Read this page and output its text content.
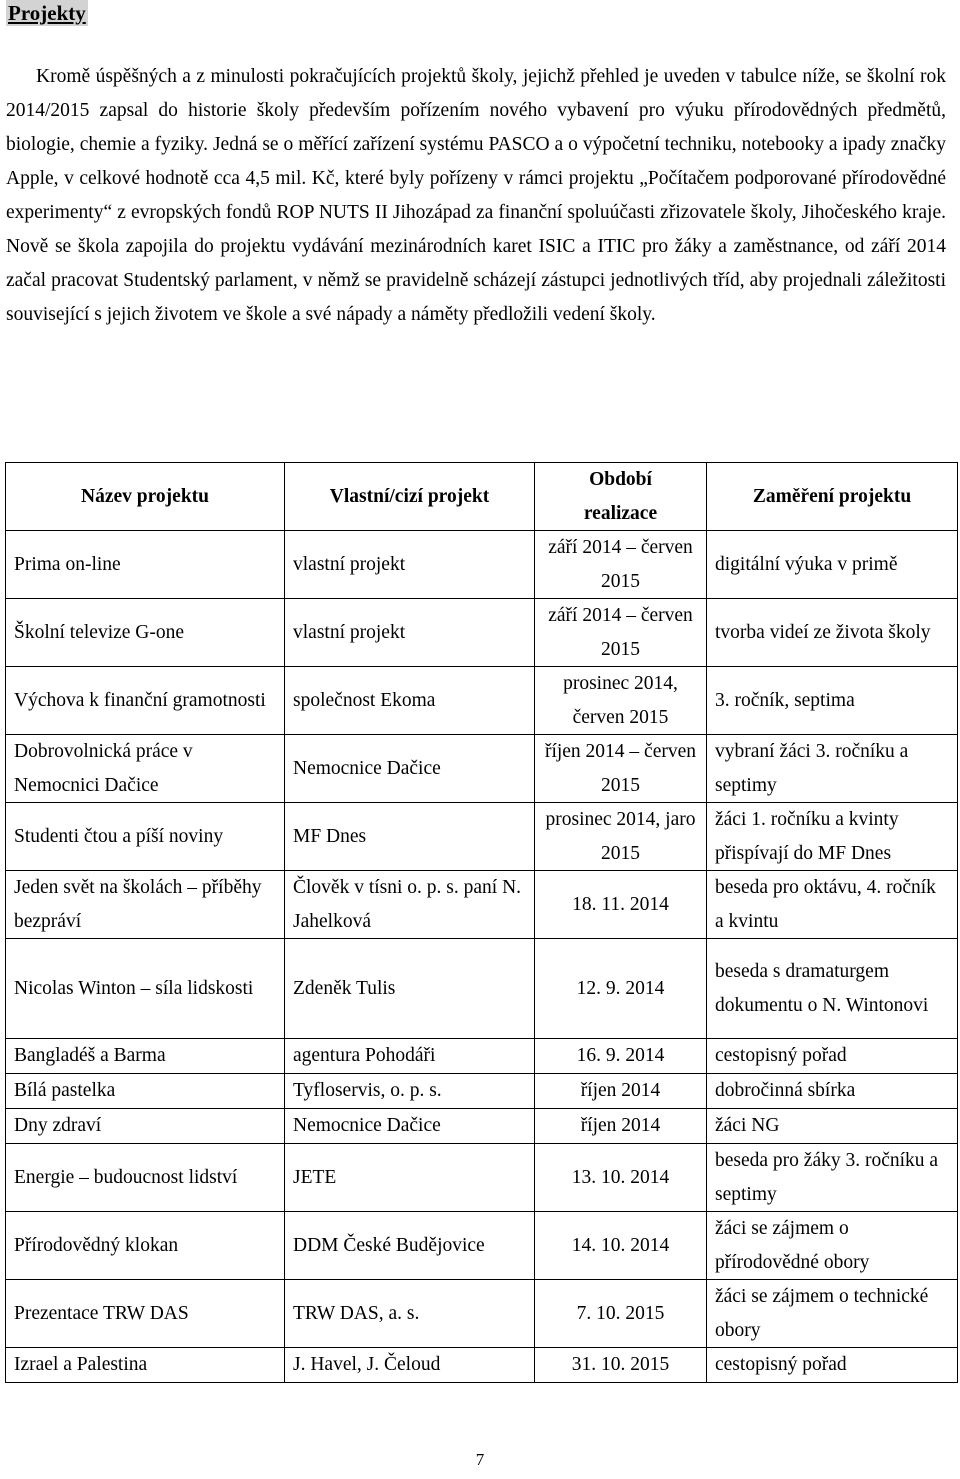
Projekty
Kromě úspěšných a z minulosti pokračujících projektů školy, jejichž přehled je uveden v tabulce níže, se školní rok 2014/2015 zapsal do historie školy především pořízením nového vybavení pro výuku přírodovědných předmětů, biologie, chemie a fyziky. Jedná se o měřící zařízení systému PASCO a o výpočetní techniku, notebooky a ipady značky Apple, v celkové hodnotě cca 4,5 mil. Kč, které byly pořízeny v rámci projektu „Počítačem podporované přírodovědné experimenty“ z evropských fondů ROP NUTS II Jihozápad za finanční spoluúčasti zřizovatele školy, Jihočeského kraje. Nově se škola zapojila do projektu vydávání mezinárodních karet ISIC a ITIC pro žáky a zaměstnance, od září 2014 začal pracovat Studentský parlament, v němž se pravidelně scházejí zástupci jednotlivých tříd, aby projednali záležitosti související s jejich životem ve škole a své nápady a náměty předložili vedení školy.
Název projektu	Vlastní/cizí projekt	Období realizace	Zaměření projektu
Prima on-line	vlastní projekt	září 2014 – červen 2015	digitální výuka v primě
Školní televize G-one	vlastní projekt	září 2014 – červen 2015	tvorba videí ze života školy
Výchova k finanční gramotnosti	společnost Ekoma	prosinec 2014, červen 2015	3. ročník, septima
Dobrovolnická práce v Nemocnici Dačice	Nemocnice Dačice	říjen 2014 – červen 2015	vybraní žáci 3. ročníku a septimy
Studenti čtou a píší noviny	MF Dnes	prosinec 2014, jaro 2015	žáci 1. ročníku a kvinty přispívají do MF Dnes
Jeden svět na školách – příběhy bezpráví	Člověk v tísni o. p. s. paní N. Jahelková	18. 11. 2014	beseda pro oktávu, 4. ročník a kvintu
Nicolas Winton – síla lidskosti	Zdeněk Tulis	12. 9. 2014	beseda s dramaturgem dokumentu o N. Wintonovi
Bangladéš a Barma	agentura Pohodáři	16. 9. 2014	cestopisný pořad
Bílá pastelka	Tyfloservis, o. p. s.	říjen 2014	dobročinná sbírka
Dny zdraví	Nemocnice Dačice	říjen 2014	žáci NG
Energie – budoucnost lidství	JETE	13. 10. 2014	beseda pro žáky 3. ročníku a septimy
Přírodovědný klokan	DDM České Budějovice	14. 10. 2014	žáci se zájmem o přírodovědné obory
Prezentace TRW DAS	TRW DAS, a. s.	7. 10. 2015	žáci se zájmem o technické obory
Izrael a Palestina	J. Havel, J. Čeloud	31. 10. 2015	cestopisný pořad
7
